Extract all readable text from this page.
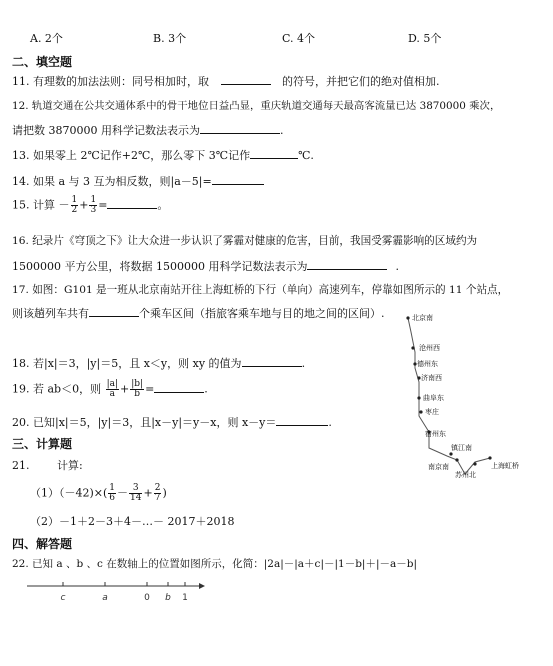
A. 2个	B. 3个	C. 4个	D. 5个
二、填空题
11. 有理数的加法法则：同号相加时，取	的符号，并把它们的绝对值相加.
12. 轨道交通在公共交通体系中的骨干地位日益凸显，重庆轨道交通每天最高客流量已达 3870000 乘次，
请把数 3870000 用科学记数法表示为	.
13. 如果零上 2℃记作+2℃，那么零下 3℃记作	℃.
14. 如果 a 与 3 互为相反数，则|a－5|=
15. 计算 － $\frac{1}{2} + \frac{1}{3}$ =	。
16. 纪录片《穹顶之下》让大众进一步认识了雾霾对健康的危害，目前，我国受雾霾影响的区域约为
1500000 平方公里，将数据 1500000 用科学记数法表示为	.
17. 如图：G101 是一班从北京南站开往上海虹桥的下行（单向）高速列车，停靠如图所示的 11 个站点，
则该趟列车共有	个乘车区间（指旅客乘车地与目的地之间的区间）.	北京南
沧州西
德州东
济南西
曲阜东
枣庄
宿州东
镇江南
南京南
苏州北
上海虹桥
18. 若|x|＝3，|y|＝5，且 x＜y，则 xy 的值为	.
19. 若 ab＜0，则 $\frac{|a|}{a} + \frac{|b|}{b}$ =	.
20. 已知|x|＝5，|y|＝3，且|x－y|＝y－x，则 x－y＝	.
三、计算题
21.	计算:
$(1)(-42)\times( \frac{1}{6} - \frac{3}{14} + \frac{2}{7}$ )
（2）－1＋2－3＋4－…－ 2017＋2018
四、解答题
22. 已知 a 、b 、c 在数轴上的位置如图所示，化简：|2a|－|a＋c|－|1－b|＋|－a－b|
c	a	0 b 1
